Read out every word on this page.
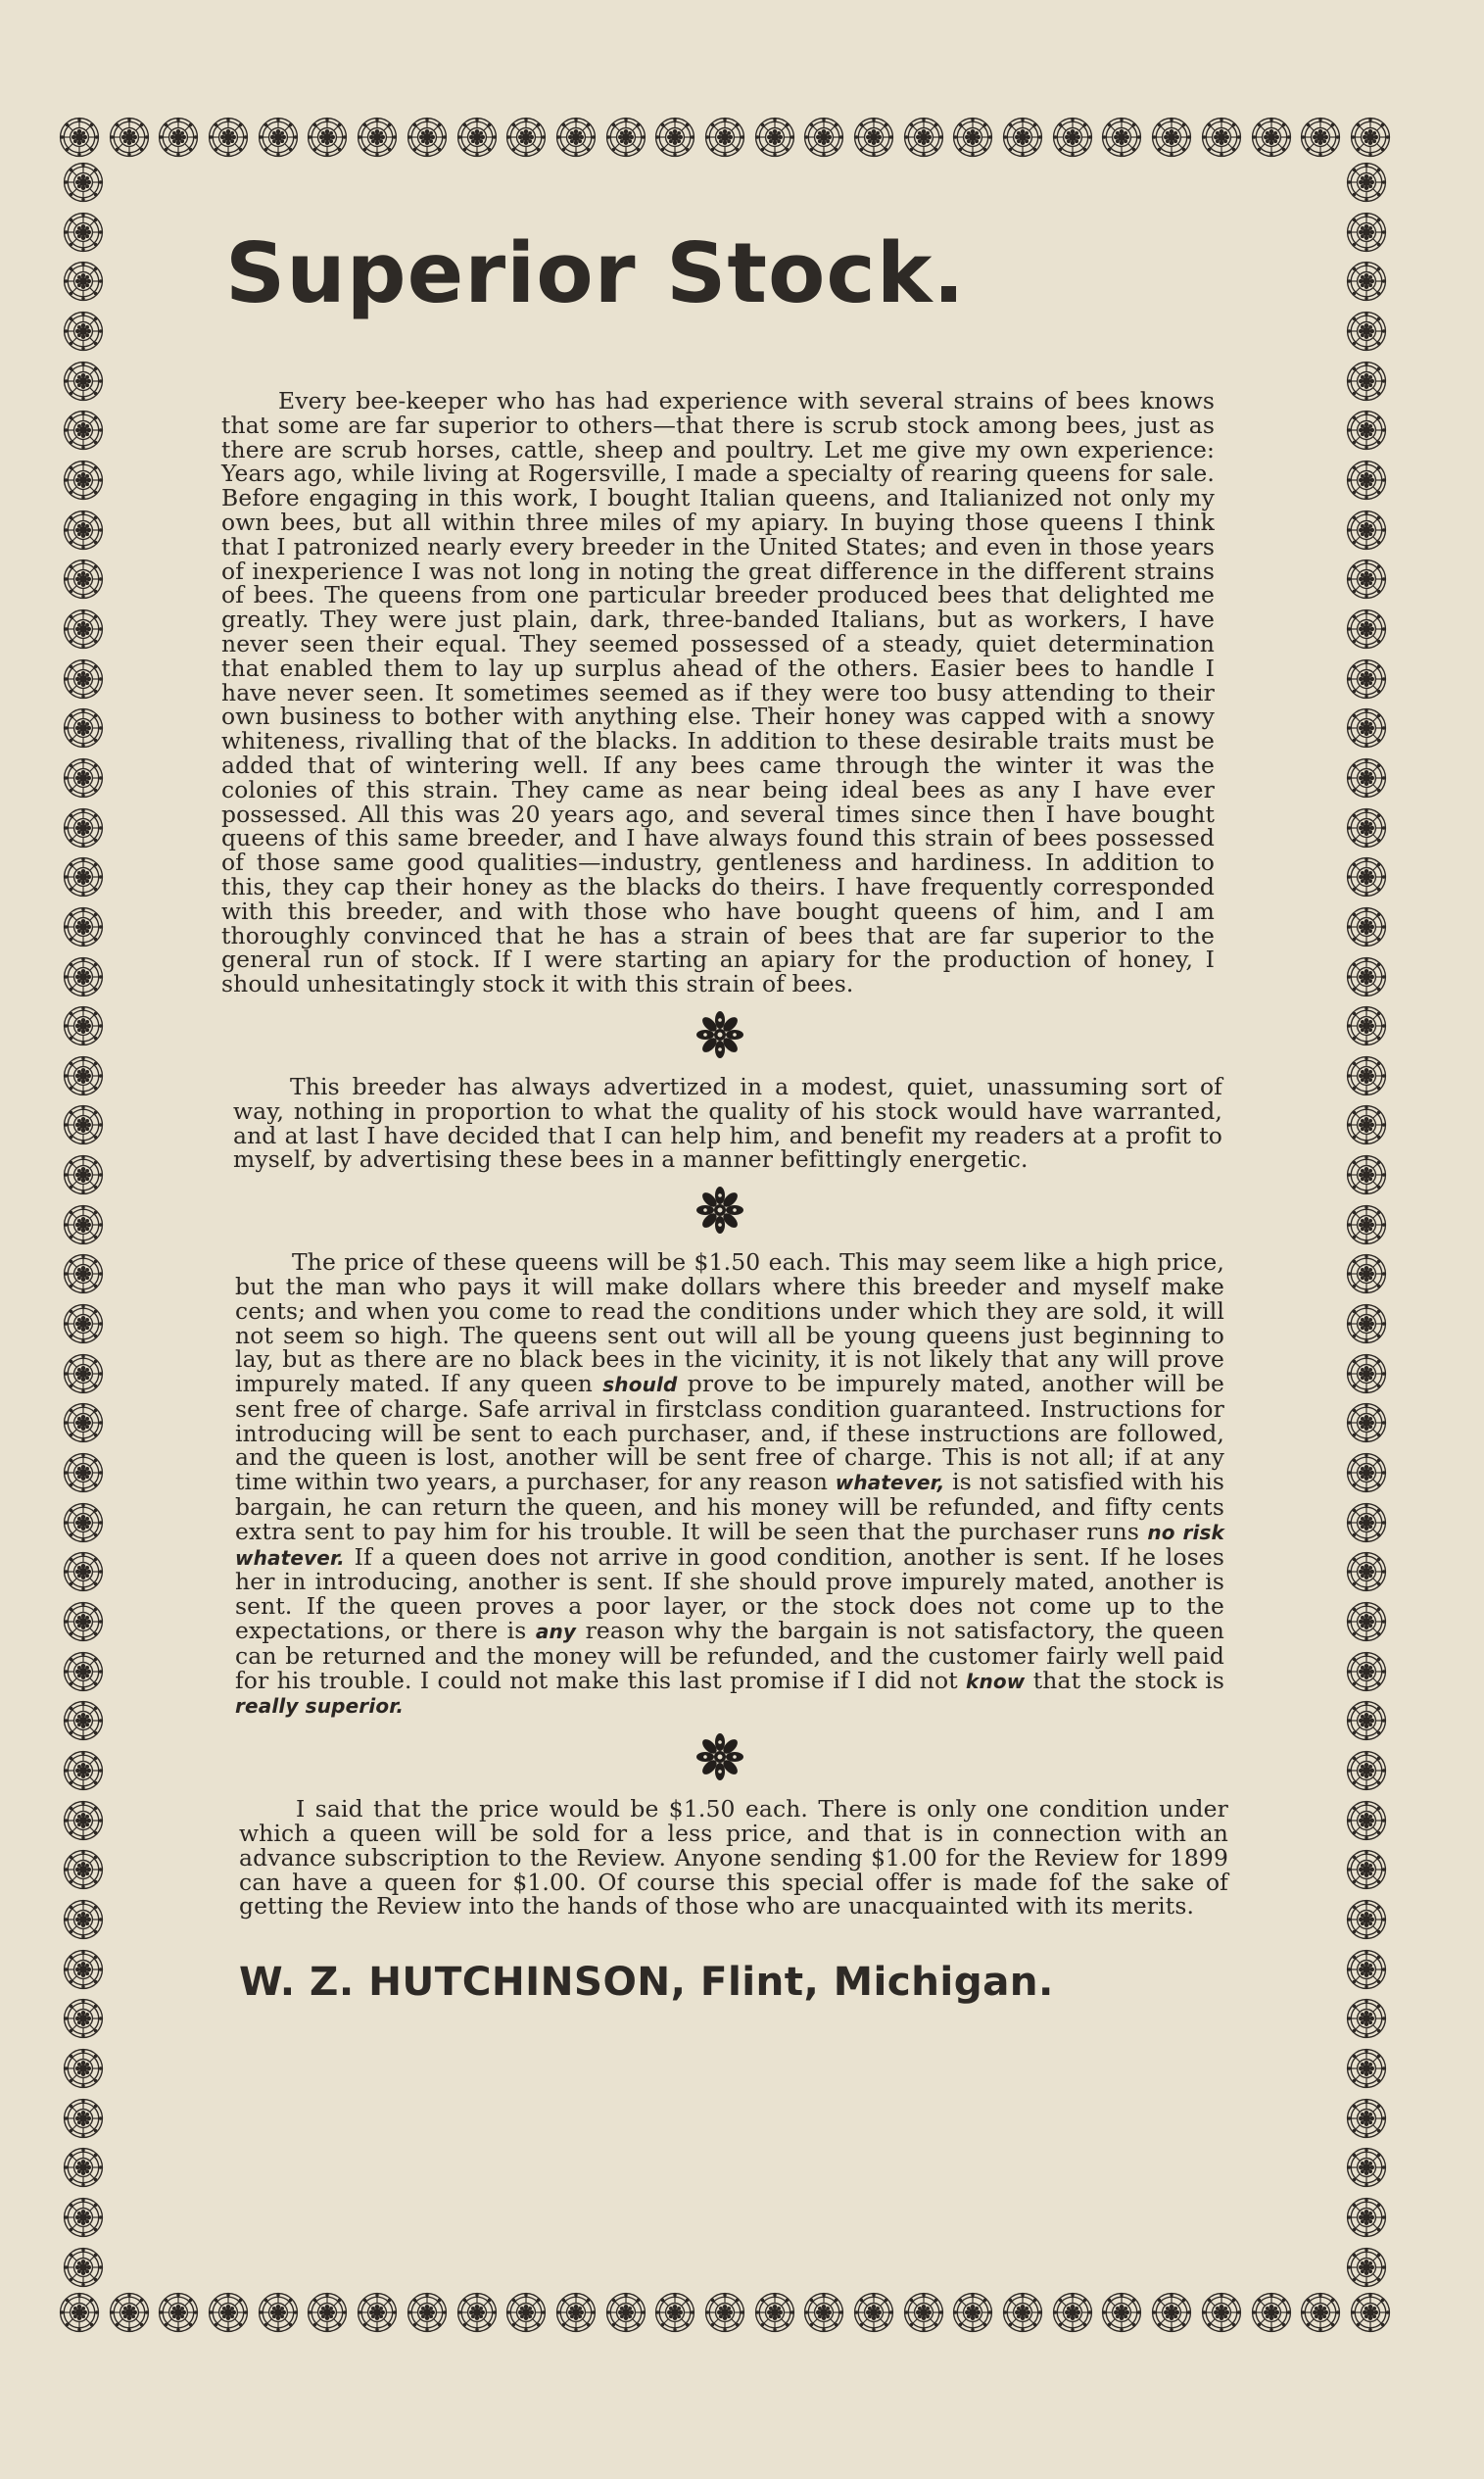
Superior Stock.

Every bee-keeper who has had experience with several strains of bees knows that some are far superior to others—that there is scrub stock among bees, just as there are scrub horses, cattle, sheep and poultry. Let me give my own experience: Years ago, while living at Rogersville, I made a specialty of rearing queens for sale. Before engaging in this work, I bought Italian queens, and Italianized not only my own bees, but all within three miles of my apiary. In buying those queens I think that I patronized nearly every breeder in the United States; and even in those years of inexperience I was not long in noting the great difference in the different strains of bees. The queens from one particular breeder produced bees that delighted me greatly. They were just plain, dark, three-banded Italians, but as workers, I have never seen their equal. They seemed possessed of a steady, quiet determination that enabled them to lay up surplus ahead of the others. Easier bees to handle I have never seen. It sometimes seemed as if they were too busy attending to their own business to bother with anything else. Their honey was capped with a snowy whiteness, rivalling that of the blacks. In addition to these desirable traits must be added that of wintering well. If any bees came through the winter it was the colonies of this strain. They came as near being ideal bees as any I have ever possessed. All this was 20 years ago, and several times since then I have bought queens of this same breeder, and I have always found this strain of bees possessed of those same good qualities—industry, gentleness and hardiness. In addition to this, they cap their honey as the blacks do theirs. I have frequently corresponded with this breeder, and with those who have bought queens of him, and I am thoroughly convinced that he has a strain of bees that are far superior to the general run of stock. If I were starting an apiary for the production of honey, I should unhesitatingly stock it with this strain of bees.

This breeder has always advertized in a modest, quiet, unassuming sort of way, nothing in proportion to what the quality of his stock would have warranted, and at last I have decided that I can help him, and benefit my readers at a profit to myself, by advertising these bees in a manner befittingly energetic.

The price of these queens will be $1.50 each. This may seem like a high price, but the man who pays it will make dollars where this breeder and myself make cents; and when you come to read the conditions under which they are sold, it will not seem so high. The queens sent out will all be young queens just beginning to lay, but as there are no black bees in the vicinity, it is not likely that any will prove impurely mated. If any queen should prove to be impurely mated, another will be sent free of charge. Safe arrival in firstclass condition guaranteed. Instructions for introducing will be sent to each purchaser, and, if these instructions are followed, and the queen is lost, another will be sent free of charge. This is not all; if at any time within two years, a purchaser, for any reason whatever, is not satisfied with his bargain, he can return the queen, and his money will be refunded, and fifty cents extra sent to pay him for his trouble. It will be seen that the purchaser runs no risk whatever. If a queen does not arrive in good condition, another is sent. If he loses her in introducing, another is sent. If she should prove impurely mated, another is sent. If the queen proves a poor layer, or the stock does not come up to the expectations, or there is any reason why the bargain is not satisfactory, the queen can be returned and the money will be refunded, and the customer fairly well paid for his trouble. I could not make this last promise if I did not know that the stock is really superior.

I said that the price would be $1.50 each. There is only one condition under which a queen will be sold for a less price, and that is in connection with an advance subscription to the Review. Anyone sending $1.00 for the Review for 1899 can have a queen for $1.00. Of course this special offer is made fof the sake of getting the Review into the hands of those who are unacquainted with its merits.

W. Z. HUTCHINSON, Flint, Michigan.
